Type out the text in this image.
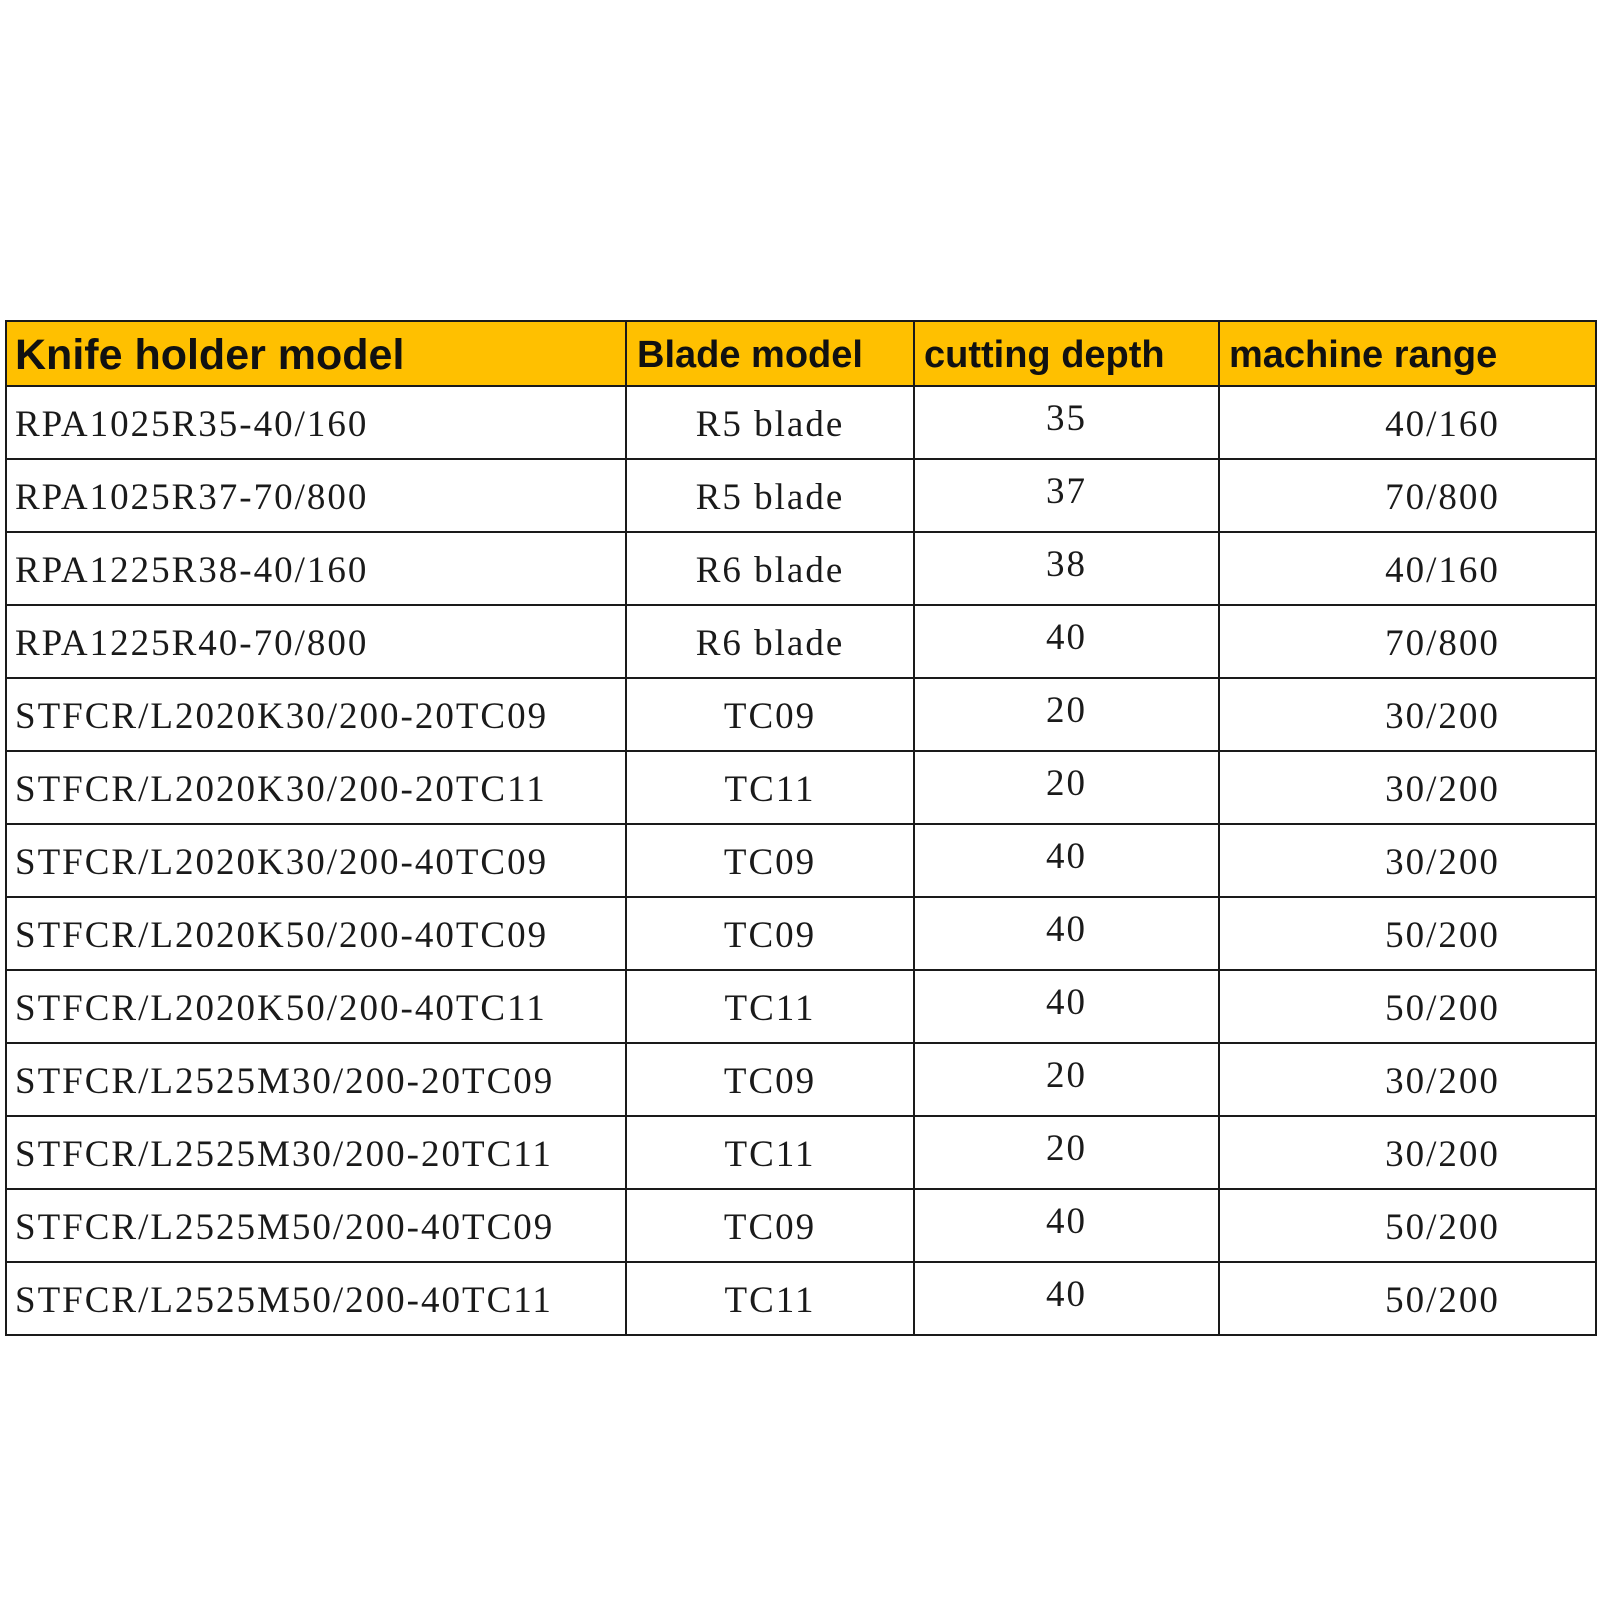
Knife holder model	Blade model	cutting depth	machine range
RPA1025R35-40/160	R5 blade	35	40/160
RPA1025R37-70/800	R5 blade	37	70/800
RPA1225R38-40/160	R6 blade	38	40/160
RPA1225R40-70/800	R6 blade	40	70/800
STFCR/L2020K30/200-20TC09	TC09	20	30/200
STFCR/L2020K30/200-20TC11	TC11	20	30/200
STFCR/L2020K30/200-40TC09	TC09	40	30/200
STFCR/L2020K50/200-40TC09	TC09	40	50/200
STFCR/L2020K50/200-40TC11	TC11	40	50/200
STFCR/L2525M30/200-20TC09	TC09	20	30/200
STFCR/L2525M30/200-20TC11	TC11	20	30/200
STFCR/L2525M50/200-40TC09	TC09	40	50/200
STFCR/L2525M50/200-40TC11	TC11	40	50/200
